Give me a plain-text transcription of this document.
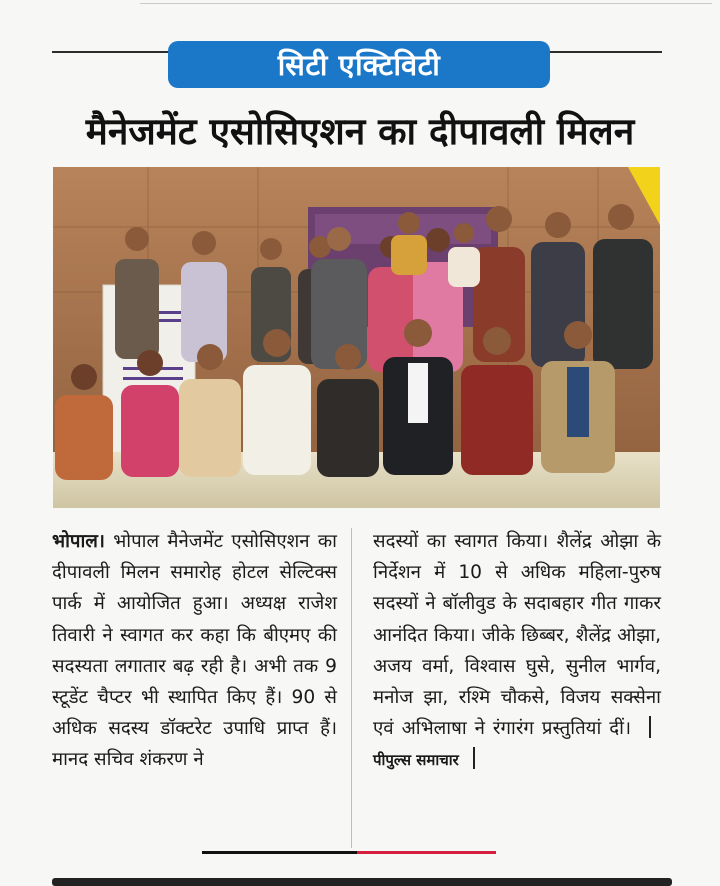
सिटी एक्टिविटी
मैनेजमेंट एसोसिएशन का दीपावली मिलन
भोपाल। भोपाल मैनेजमेंट एसोसिएशन का दीपावली मिलन समारोह होटल सेल्टिक्स पार्क में आयोजित हुआ। अध्यक्ष राजेश तिवारी ने स्वागत कर कहा कि बीएमए की सदस्यता लगातार बढ़ रही है। अभी तक 9 स्टूडेंट चैप्टर भी स्थापित किए हैं। 90 से अधिक सदस्य डॉक्टरेट उपाधि प्राप्त हैं। मानद सचिव शंकरण ने
सदस्यों का स्वागत किया। शैलेंद्र ओझा के निर्देशन में 10 से अधिक महिला-पुरुष सदस्यों ने बॉलीवुड के सदाबहार गीत गाकर आनंदित किया। जीके छिब्बर, शैलेंद्र ओझा, अजय वर्मा, विश्वास घुसे, सुनील भार्गव, मनोज झा, रश्मि चौकसे, विजय सक्सेना एवं अभिलाषा ने रंगारंग प्रस्तुतियां दीं।पीपुल्स समाचार
